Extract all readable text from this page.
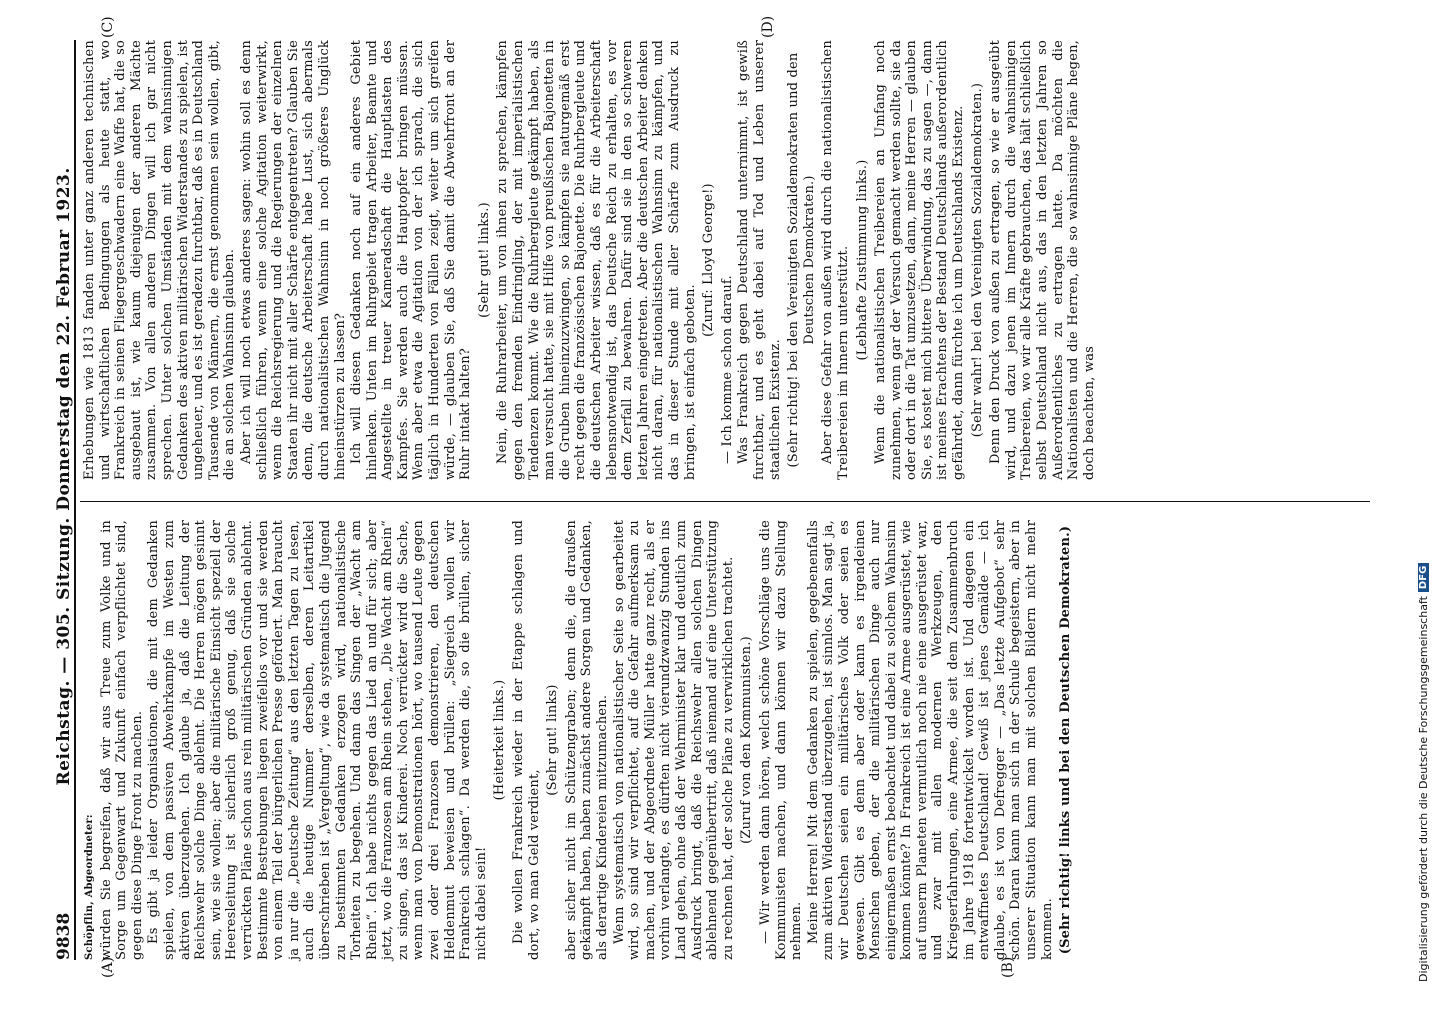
9838
Reichstag. — 305. Sitzung. Donnerstag den 22. Februar 1923.
(A)	(B)
(C)	(D)

Schöpflin, Abgeordneter: würden Sie begreifen, daß wir aus Treue zum Volke und in Sorge um Gegenwart und Zukunft einfach verpflichtet sind, gegen diese Dinge Front zu machen. Es gibt ja leider Organisationen, die mit dem Gedanken spielen, von dem passiven Abwehrkampfe im Westen zum aktiven überzugehen. Ich glaube ja, daß die Leitung der Reichswehr solche Dinge ablehnt. Die Herren mögen gesinnt sein, wie sie wollen; aber die militärische Einsicht speziell der Heeresleitung ist sicherlich groß genug, daß sie solche verrückten Pläne schon aus rein militärischen Gründen ablehnt. Bestimmte Bestrebungen liegen zweifellos vor und sie werden von einem Teil der bürgerlichen Presse gefördert. Man braucht ja nur die „Deutsche Zeitung“ aus den letzten Tagen zu lesen, auch die heutige Nummer derselben, deren Leitartikel überschrieben ist „Vergeltung“, wie da systematisch die Jugend zu bestimmten Gedanken erzogen wird, nationalistische Torheiten zu begehen. Und dann das Singen der „Wacht am Rhein“. Ich habe nichts gegen das Lied an und für sich; aber jetzt, wo die Franzosen am Rhein stehen, „Die Wacht am Rhein“ zu singen, das ist Kinderei. Noch verrückter wird die Sache, wenn man von Demonstrationen hört, wo tausend Leute gegen zwei oder drei Franzosen demonstrieren, den deutschen Heldenmut beweisen und brüllen: „Siegreich wollen wir Frankreich schlagen“. Da werden die, so die brüllen, sicher nicht dabei sein!

(Heiterkeit links.) Die wollen Frankreich wieder in der Etappe schlagen und dort, wo man Geld verdient,

(Sehr gut! links) aber sicher nicht im Schützengraben; denn die, die draußen gekämpft haben, haben zunächst andere Sorgen und Gedanken, als derartige Kindereien mitzumachen. Wenn systematisch von nationalistischer Seite so gearbeitet wird, so sind wir verpflichtet, auf die Gefahr aufmerksam zu machen, und der Abgeordnete Müller hatte ganz recht, als er vorhin verlangte, es dürften nicht vierundzwanzig Stunden ins Land gehen, ohne daß der Wehrminister klar und deutlich zum Ausdruck bringt, daß die Reichswehr allen solchen Dingen ablehnend gegenübertritt, daß niemand auf eine Unterstützung zu rechnen hat, der solche Pläne zu verwirklichen trachtet. (Zuruf von den Kommunisten.) — Wir werden dann hören, welch schöne Vorschläge uns die Kommunisten machen, und dann können wir dazu Stellung nehmen. Meine Herren! Mit dem Gedanken zu spielen, gegebenenfalls zum aktiven Widerstand überzugehen, ist sinnlos. Man sagt ja, wir Deutschen seien ein militärisches Volk oder seien es gewesen. Gibt es denn aber oder kann es irgendeinen Menschen geben, der die militärischen Dinge auch nur einigermaßen ernst beobachtet und dabei zu solchem Wahnsinn kommen könnte? In Frankreich ist eine Armee ausgerüstet, wie auf unserm Planeten vermutlich noch nie eine ausgerüstet war, und zwar mit allen modernen Werkzeugen, den Kriegserfahrungen, eine Armee, die seit dem Zusammenbruch im Jahre 1918 fortentwickelt worden ist. Und dagegen ein entwaffnetes Deutschland! Gewiß ist jenes Gemälde — ich glaube, es ist von Defregger — „Das letzte Aufgebot“ sehr schön. Daran kann man sich in der Schule begeistern, aber in unserer Situation kann man mit solchen Bildern nicht mehr kommen. (Sehr richtig! links und bei den Deutschen Demokraten.)

Erhebungen wie 1813 fanden unter ganz anderen technischen und wirtschaftlichen Bedingungen als heute statt, wo Frankreich in seinen Fliegergeschwadern eine Waffe hat, die so ausgebaut ist, wie kaum diejenigen der anderen Mächte zusammen. Von allen anderen Dingen will ich gar nicht sprechen. Unter solchen Umständen mit dem wahnsinnigen Gedanken des aktiven militärischen Widerstandes zu spielen, ist ungeheuer, und es ist geradezu furchtbar, daß es in Deutschland Tausende von Männern, die ernst genommen sein wollen, gibt, die an solchen Wahnsinn glauben. Aber ich will noch etwas anderes sagen: wohin soll es denn schließlich führen, wenn eine solche Agitation weiterwirkt, wenn die Reichsregierung und die Regierungen der einzelnen Staaten ihr nicht mit aller Schärfe entgegentreten? Glauben Sie denn, die deutsche Arbeiterschaft habe Lust, sich abermals durch nationalistischen Wahnsinn in noch größeres Unglück hineinstürzen zu lassen? Ich will diesen Gedanken noch auf ein anderes Gebiet hinlenken. Unten im Ruhrgebiet tragen Arbeiter, Beamte und Angestellte in treuer Kameradschaft die Hauptlasten des Kampfes. Sie werden auch die Hauptopfer bringen müssen. Wenn aber etwa die Agitation von der ich sprach, die sich täglich in Hunderten von Fällen zeigt, weiter um sich greifen würde, — glauben Sie, daß Sie damit die Abwehrfront an der Ruhr intakt halten?

(Sehr gut! links.) Nein, die Ruhrarbeiter, um von ihnen zu sprechen, kämpfen gegen den fremden Eindringling, der mit imperialistischen Tendenzen kommt. Wie die Ruhrbergleute gekämpft haben, als man versucht hatte, sie mit Hilfe von preußischen Bajonetten in die Gruben hineinzuzwingen, so kämpfen sie naturgemäß erst recht gegen die französischen Bajonette. Die Ruhrbergleute und die deutschen Arbeiter wissen, daß es für die Arbeiterschaft lebensnotwendig ist, das Deutsche Reich zu erhalten, es vor dem Zerfall zu bewahren. Dafür sind sie in den so schweren letzten Jahren eingetreten. Aber die deutschen Arbeiter denken nicht daran, für nationalistischen Wahnsinn zu kämpfen, und das in dieser Stunde mit aller Schärfe zum Ausdruck zu bringen, ist einfach geboten.

(Zuruf: Lloyd George!)

— Ich komme schon darauf. Was Frankreich gegen Deutschland unternimmt, ist gewiß furchtbar, und es geht dabei auf Tod und Leben unserer staatlichen Existenz. (Sehr richtig! bei den Vereinigten Sozialdemokraten und den Deutschen Demokraten.) Aber diese Gefahr von außen wird durch die nationalistischen Treibereien im Innern unterstützt. (Lebhafte Zustimmung links.) Wenn die nationalistischen Treibereien an Umfang noch zunehmen, wenn gar der Versuch gemacht werden sollte, sie da oder dort in die Tat umzusetzen, dann, meine Herren — glauben Sie, es kostet mich bittere Überwindung, das zu sagen —, dann ist meines Erachtens der Bestand Deutschlands außerordentlich gefährdet, dann fürchte ich um Deutschlands Existenz. (Sehr wahr! bei den Vereinigten Sozialdemokraten.) Denn den Druck von außen zu ertragen, so wie er ausgeübt wird, und dazu jenen im Innern durch die wahnsinnigen Treibereien, wo wir alle Kräfte gebrauchen, das hält schließlich selbst Deutschland nicht aus, das in den letzten Jahren so Außerordentliches zu ertragen hatte. Da möchten die Nationalisten und die Herren, die so wahnsinnige Pläne hegen, doch beachten, was

Digitalisierung gefördert durch die Deutsche Forschungsgemeinschaft
DFG
